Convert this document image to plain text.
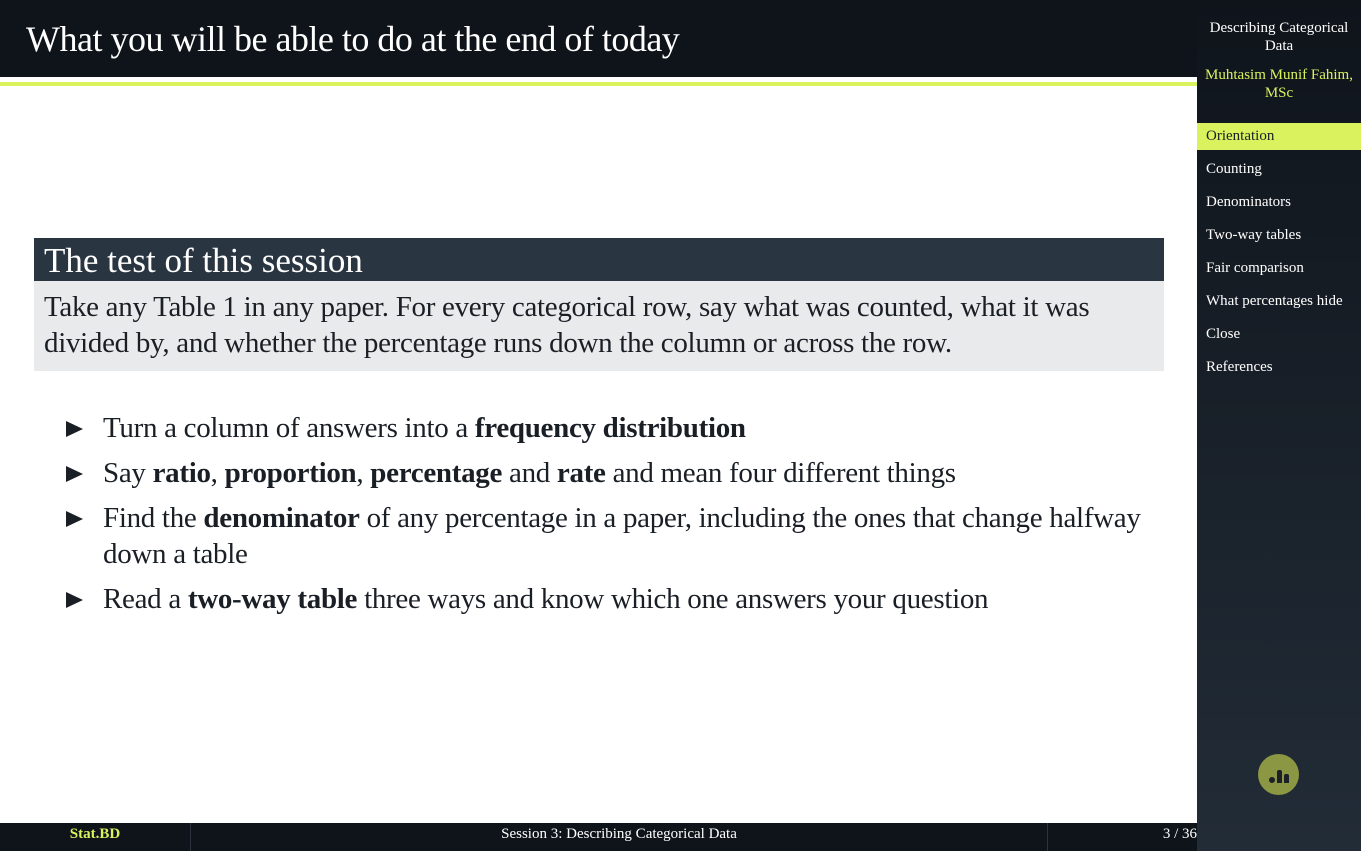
What you will be able to do at the end of today
The test of this session
Take any Table 1 in any paper. For every categorical row, say what was counted, what it was divided by, and whether the percentage runs down the column or across the row.
Turn a column of answers into a frequency distribution
Say ratio, proportion, percentage and rate and mean four different things
Find the denominator of any percentage in a paper, including the ones that change halfway down a table
Read a two-way table three ways and know which one answers your question
Describing Categorical Data
Muhtasim Munif Fahim, MSc
Orientation
Counting
Denominators
Two-way tables
Fair comparison
What percentages hide
Close
References
Stat.BD	Session 3: Describing Categorical Data	3 / 36
